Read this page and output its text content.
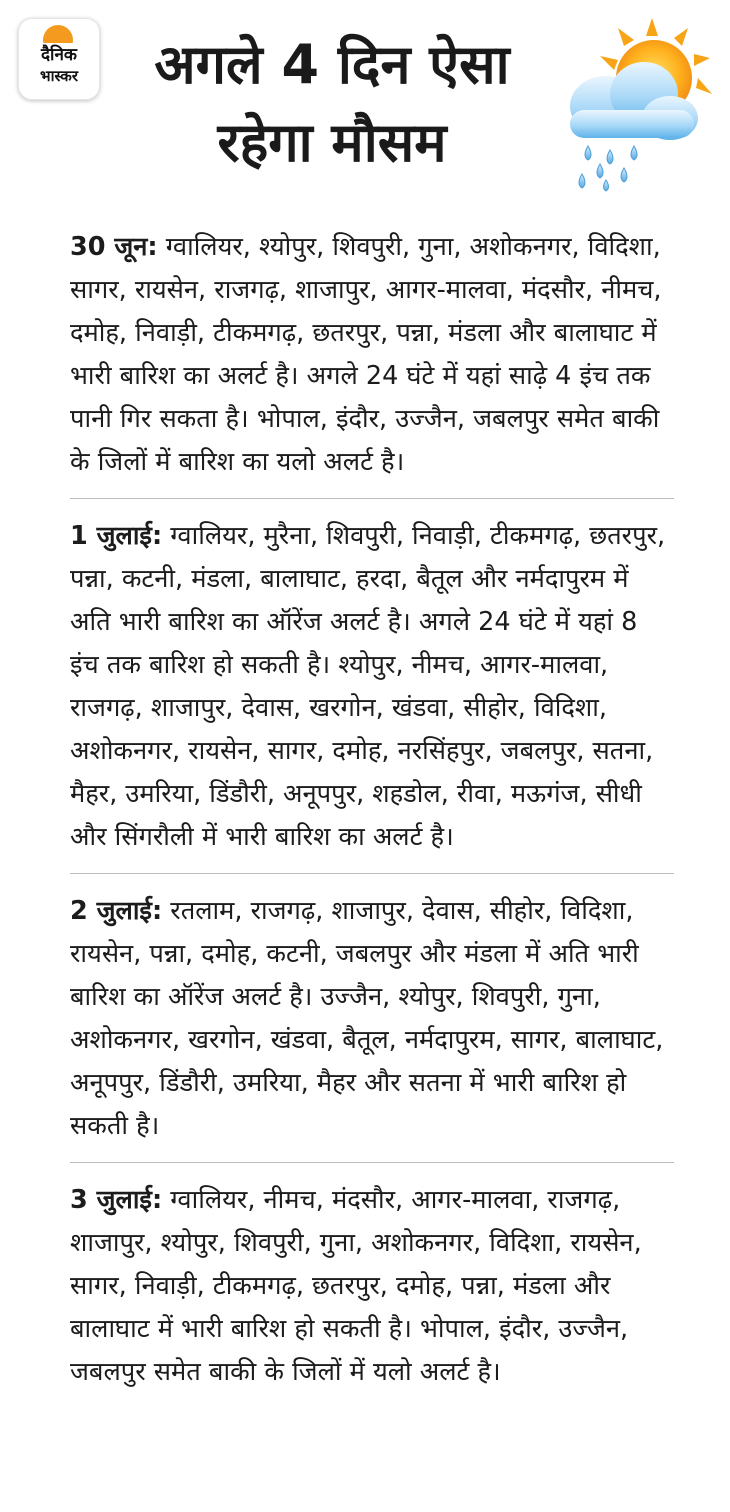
दैनिक
भास्कर	अगले 4 दिन ऐसा
रहेगा मौसम
30 जून: ग्वालियर, श्योपुर, शिवपुरी, गुना, अशोकनगर, विदिशा, सागर, रायसेन, राजगढ़, शाजापुर, आगर-मालवा, मंदसौर, नीमच, दमोह, निवाड़ी, टीकमगढ़, छतरपुर, पन्ना, मंडला और बालाघाट में भारी बारिश का अलर्ट है। अगले 24 घंटे में यहां साढ़े 4 इंच तक पानी गिर सकता है। भोपाल, इंदौर, उज्जैन, जबलपुर समेत बाकी के जिलों में बारिश का यलो अलर्ट है।
1 जुलाई: ग्वालियर, मुरैना, शिवपुरी, निवाड़ी, टीकमगढ़, छतरपुर, पन्ना, कटनी, मंडला, बालाघाट, हरदा, बैतूल और नर्मदापुरम में अति भारी बारिश का ऑरेंज अलर्ट है। अगले 24 घंटे में यहां 8 इंच तक बारिश हो सकती है। श्योपुर, नीमच, आगर-मालवा, राजगढ़, शाजापुर, देवास, खरगोन, खंडवा, सीहोर, विदिशा, अशोकनगर, रायसेन, सागर, दमोह, नरसिंहपुर, जबलपुर, सतना, मैहर, उमरिया, डिंडौरी, अनूपपुर, शहडोल, रीवा, मऊगंज, सीधी और सिंगरौली में भारी बारिश का अलर्ट है।
2 जुलाई: रतलाम, राजगढ़, शाजापुर, देवास, सीहोर, विदिशा, रायसेन, पन्ना, दमोह, कटनी, जबलपुर और मंडला में अति भारी बारिश का ऑरेंज अलर्ट है। उज्जैन, श्योपुर, शिवपुरी, गुना, अशोकनगर, खरगोन, खंडवा, बैतूल, नर्मदापुरम, सागर, बालाघाट, अनूपपुर, डिंडौरी, उमरिया, मैहर और सतना में भारी बारिश हो सकती है।
3 जुलाई: ग्वालियर, नीमच, मंदसौर, आगर-मालवा, राजगढ़, शाजापुर, श्योपुर, शिवपुरी, गुना, अशोकनगर, विदिशा, रायसेन, सागर, निवाड़ी, टीकमगढ़, छतरपुर, दमोह, पन्ना, मंडला और बालाघाट में भारी बारिश हो सकती है। भोपाल, इंदौर, उज्जैन, जबलपुर समेत बाकी के जिलों में यलो अलर्ट है।
